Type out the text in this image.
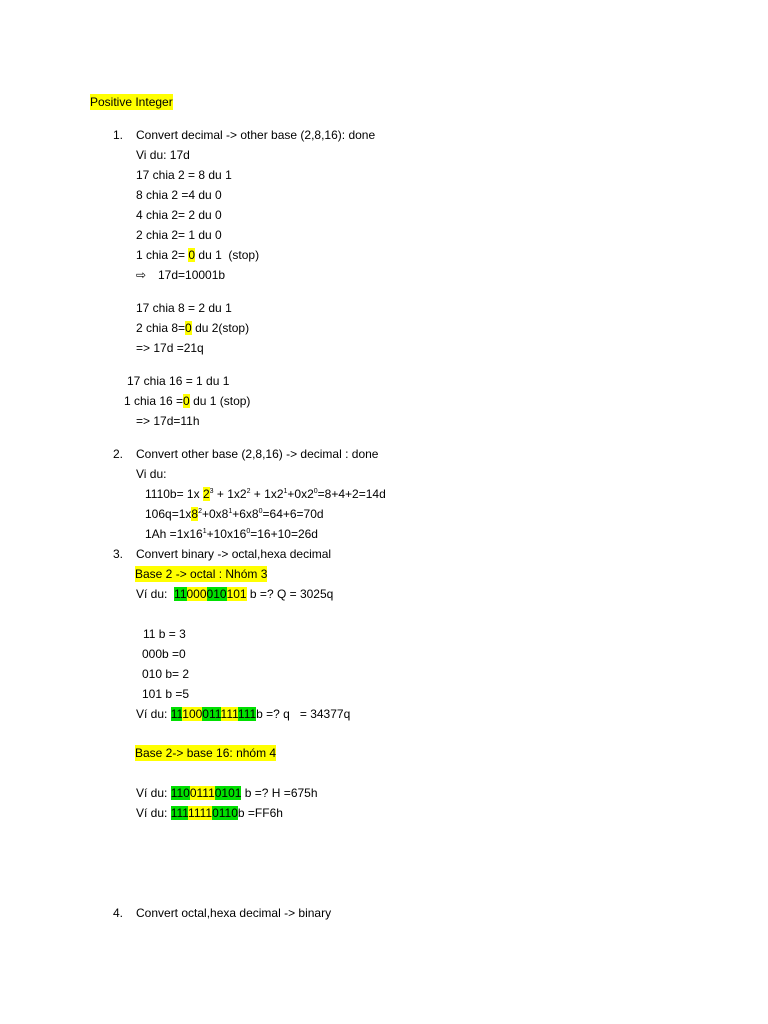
Positive Integer
1. Convert decimal -> other base (2,8,16): done
Vi du: 17d
17 chia 2 = 8 du 1
8 chia 2 =4 du 0
4 chia 2= 2 du 0
2 chia 2= 1 du 0
1 chia 2= 0 du 1  (stop)
⇨ 17d=10001b
17 chia 8 = 2 du 1
2 chia 8=0 du 2(stop)
=> 17d =21q
17 chia 16 = 1 du 1
1 chia 16 =0 du 1 (stop)
=> 17d=11h
2. Convert other base (2,8,16) -> decimal : done
Vi du:
1110b= 1x $2^3 + 1x2^2 + 1x2^1+0x2^0=8+4+2=14d$
$106q=1x8^2+0x8^1+6x8^0=64+6=70d$
$1Ah =1x16^1+10x16^0=16+10=26d$
3. Convert binary -> octal,hexa decimal
Base 2 -> octal : Nhóm 3
Ví du:  11000010101 b =? Q = 3025q
11 b = 3
000b =0
010 b= 2
101 b =5
Ví du: 11100011111111b =? q   = 34377q
Base 2-> base 16: nhóm 4
Ví du: 11001110101 b =? H =675h
Ví du: 11111110110b =FF6h
4. Convert octal,hexa decimal -> binary
